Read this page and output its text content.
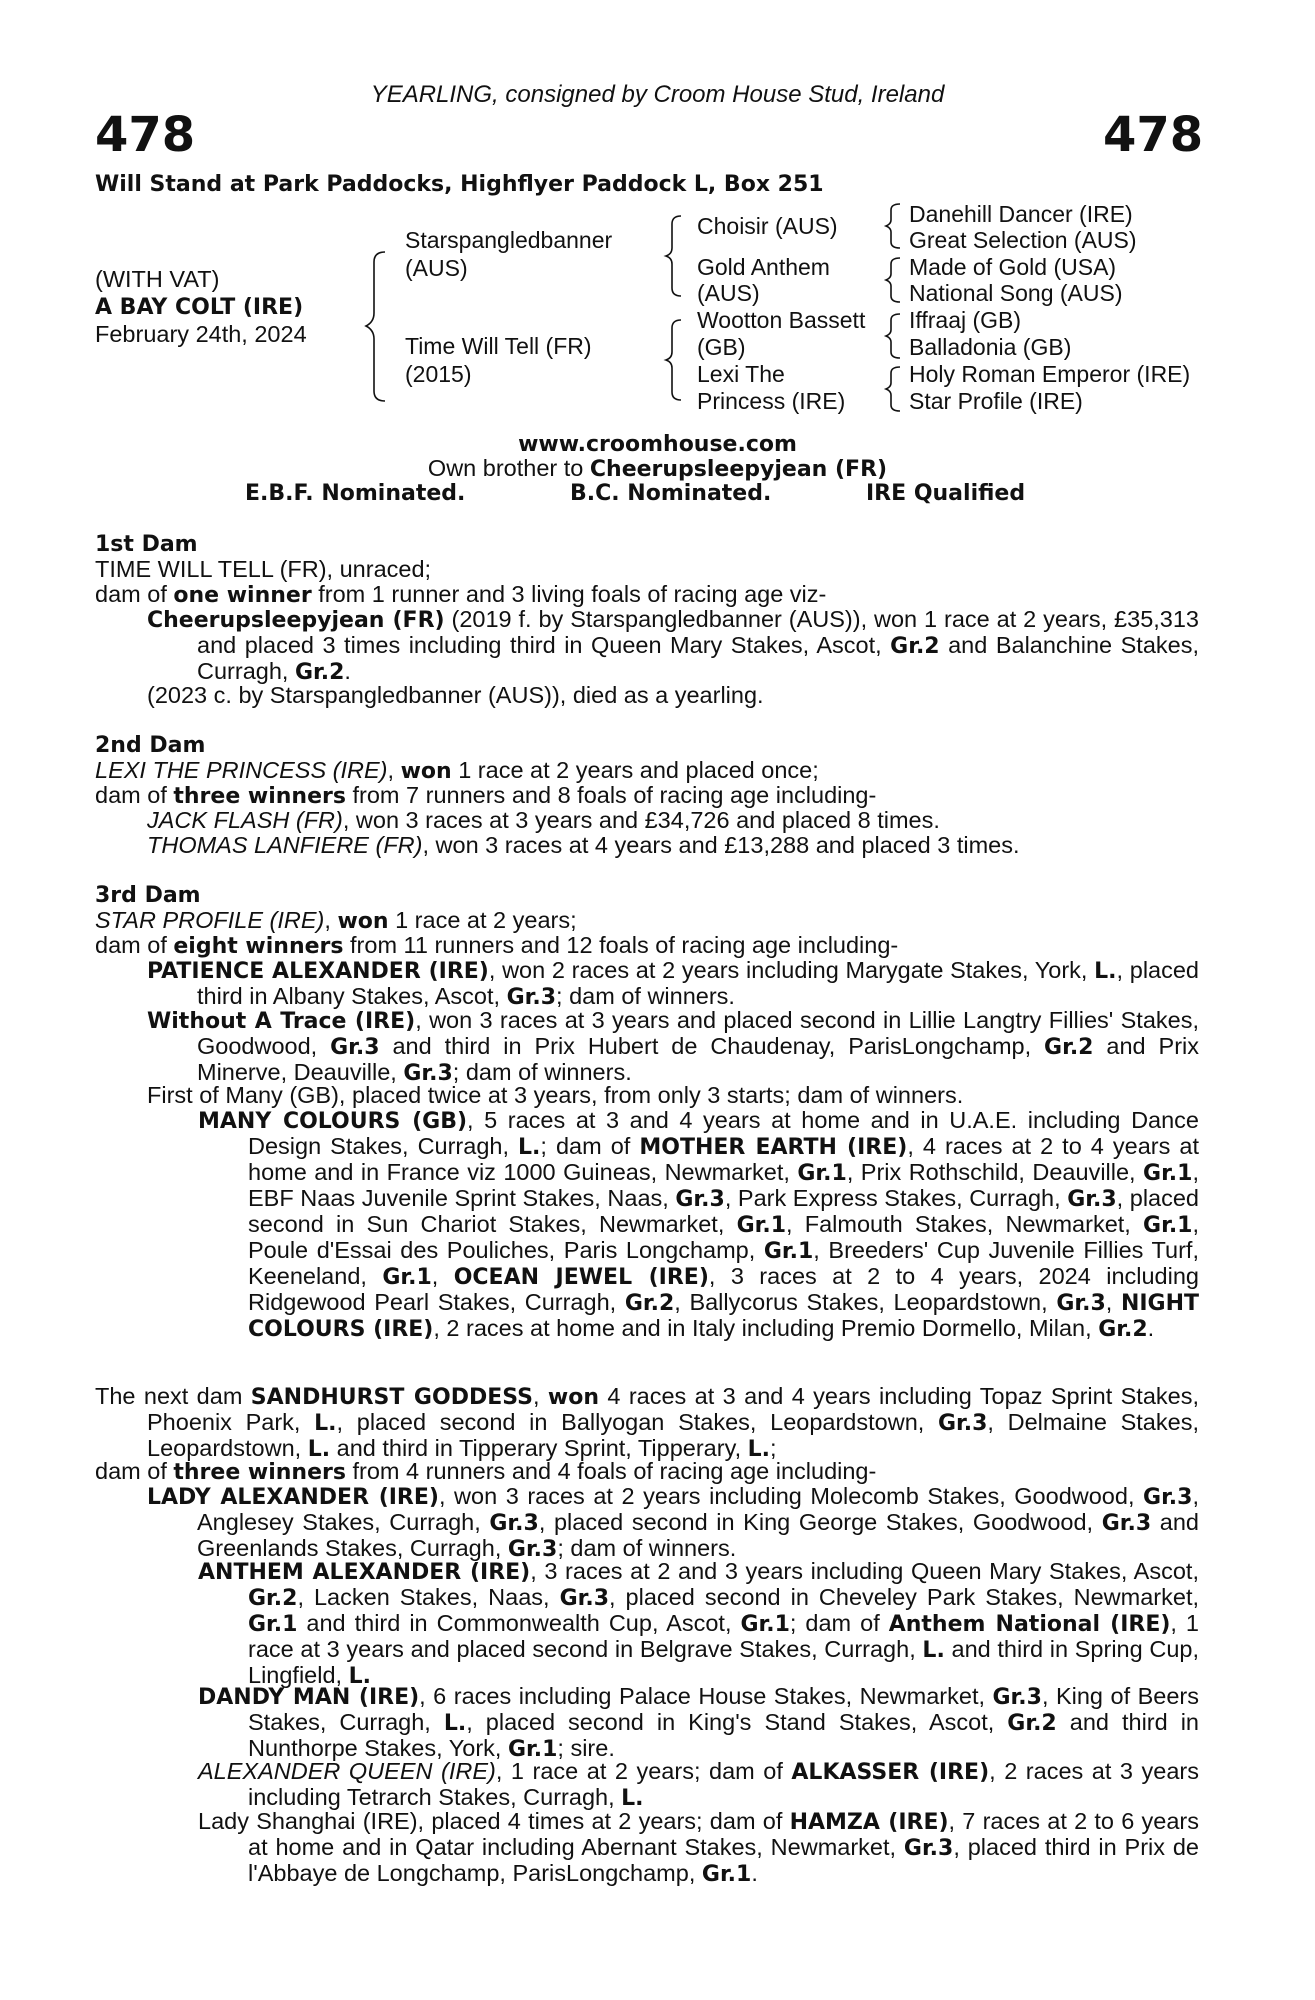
YEARLING, consigned by Croom House Stud, Ireland
478	478
Will Stand at Park Paddocks, Highflyer Paddock L, Box 251
(WITH VAT)
A BAY COLT (IRE)
February 24th, 2024
Starspangledbanner
(AUS)
Time Will Tell (FR)
(2015)
Choisir (AUS)
Gold Anthem
(AUS)
Wootton Bassett
(GB)
Lexi The
Princess (IRE)
Danehill Dancer (IRE)
Great Selection (AUS)
Made of Gold (USA)
National Song (AUS)
Iffraaj (GB)
Balladonia (GB)
Holy Roman Emperor (IRE)
Star Profile (IRE)
www.croomhouse.com
Own brother to Cheerupsleepyjean (FR)
E.B.F. Nominated.	B.C. Nominated.	IRE Qualified
1st Dam
TIME WILL TELL (FR), unraced;
dam of one winner from 1 runner and 3 living foals of racing age viz-
Cheerupsleepyjean (FR) (2019 f. by Starspangledbanner (AUS)), won 1 race at 2 years, £35,313 and placed 3 times including third in Queen Mary Stakes, Ascot, Gr.2 and Balanchine Stakes, Curragh, Gr.2.
(2023 c. by Starspangledbanner (AUS)), died as a yearling.
2nd Dam
LEXI THE PRINCESS (IRE), won 1 race at 2 years and placed once;
dam of three winners from 7 runners and 8 foals of racing age including-
JACK FLASH (FR), won 3 races at 3 years and £34,726 and placed 8 times.
THOMAS LANFIERE (FR), won 3 races at 4 years and £13,288 and placed 3 times.
3rd Dam
STAR PROFILE (IRE), won 1 race at 2 years;
dam of eight winners from 11 runners and 12 foals of racing age including-
PATIENCE ALEXANDER (IRE), won 2 races at 2 years including Marygate Stakes, York, L., placed third in Albany Stakes, Ascot, Gr.3; dam of winners.
Without A Trace (IRE), won 3 races at 3 years and placed second in Lillie Langtry Fillies' Stakes, Goodwood, Gr.3 and third in Prix Hubert de Chaudenay, ParisLongchamp, Gr.2 and Prix Minerve, Deauville, Gr.3; dam of winners.
First of Many (GB), placed twice at 3 years, from only 3 starts; dam of winners.
MANY COLOURS (GB), 5 races at 3 and 4 years at home and in U.A.E. including Dance Design Stakes, Curragh, L.; dam of MOTHER EARTH (IRE), 4 races at 2 to 4 years at home and in France viz 1000 Guineas, Newmarket, Gr.1, Prix Rothschild, Deauville, Gr.1, EBF Naas Juvenile Sprint Stakes, Naas, Gr.3, Park Express Stakes, Curragh, Gr.3, placed second in Sun Chariot Stakes, Newmarket, Gr.1, Falmouth Stakes, Newmarket, Gr.1, Poule d'Essai des Pouliches, Paris Longchamp, Gr.1, Breeders' Cup Juvenile Fillies Turf, Keeneland, Gr.1, OCEAN JEWEL (IRE), 3 races at 2 to 4 years, 2024 including Ridgewood Pearl Stakes, Curragh, Gr.2, Ballycorus Stakes, Leopardstown, Gr.3, NIGHT COLOURS (IRE), 2 races at home and in Italy including Premio Dormello, Milan, Gr.2.
The next dam SANDHURST GODDESS, won 4 races at 3 and 4 years including Topaz Sprint Stakes, Phoenix Park, L., placed second in Ballyogan Stakes, Leopardstown, Gr.3, Delmaine Stakes, Leopardstown, L. and third in Tipperary Sprint, Tipperary, L.;
dam of three winners from 4 runners and 4 foals of racing age including-
LADY ALEXANDER (IRE), won 3 races at 2 years including Molecomb Stakes, Goodwood, Gr.3, Anglesey Stakes, Curragh, Gr.3, placed second in King George Stakes, Goodwood, Gr.3 and Greenlands Stakes, Curragh, Gr.3; dam of winners.
ANTHEM ALEXANDER (IRE), 3 races at 2 and 3 years including Queen Mary Stakes, Ascot, Gr.2, Lacken Stakes, Naas, Gr.3, placed second in Cheveley Park Stakes, Newmarket, Gr.1 and third in Commonwealth Cup, Ascot, Gr.1; dam of Anthem National (IRE), 1 race at 3 years and placed second in Belgrave Stakes, Curragh, L. and third in Spring Cup, Lingfield, L.
DANDY MAN (IRE), 6 races including Palace House Stakes, Newmarket, Gr.3, King of Beers Stakes, Curragh, L., placed second in King's Stand Stakes, Ascot, Gr.2 and third in Nunthorpe Stakes, York, Gr.1; sire.
ALEXANDER QUEEN (IRE), 1 race at 2 years; dam of ALKASSER (IRE), 2 races at 3 years including Tetrarch Stakes, Curragh, L.
Lady Shanghai (IRE), placed 4 times at 2 years; dam of HAMZA (IRE), 7 races at 2 to 6 years at home and in Qatar including Abernant Stakes, Newmarket, Gr.3, placed third in Prix de l'Abbaye de Longchamp, ParisLongchamp, Gr.1.
